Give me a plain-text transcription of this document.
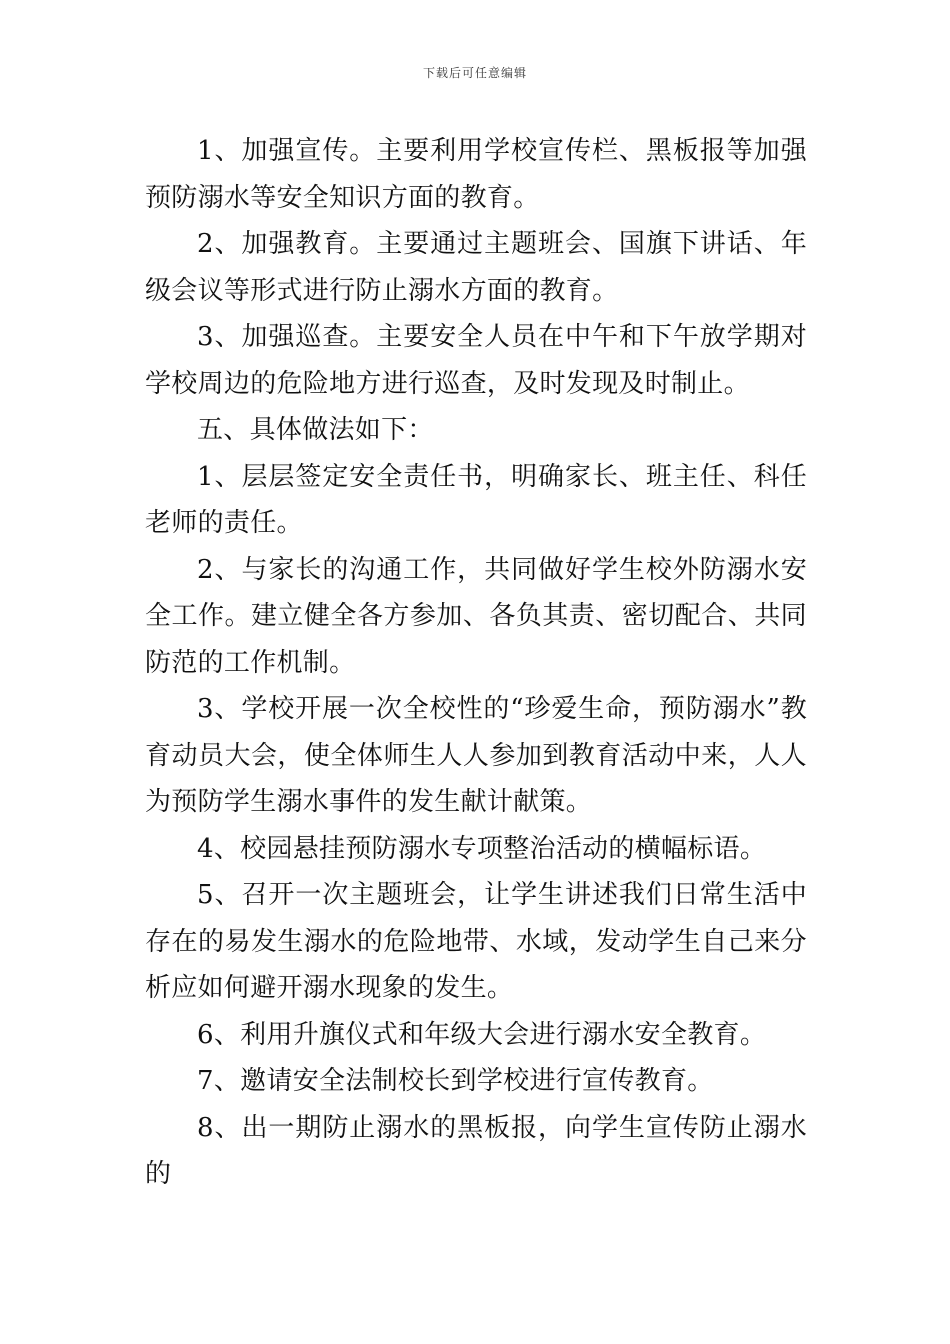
下载后可任意编辑

1、加强宣传。主要利用学校宣传栏、黑板报等加强预防溺水等安全知识方面的教育。

2、加强教育。主要通过主题班会、国旗下讲话、年级会议等形式进行防止溺水方面的教育。

3、加强巡查。主要安全人员在中午和下午放学期对学校周边的危险地方进行巡查，及时发现及时制止。

五、具体做法如下：

1、层层签定安全责任书，明确家长、班主任、科任老师的责任。

2、与家长的沟通工作，共同做好学生校外防溺水安全工作。建立健全各方参加、各负其责、密切配合、共同防范的工作机制。

3、学校开展一次全校性的“珍爱生命，预防溺水”教育动员大会，使全体师生人人参加到教育活动中来，人人为预防学生溺水事件的发生献计献策。

4、校园悬挂预防溺水专项整治活动的横幅标语。

5、召开一次主题班会，让学生讲述我们日常生活中存在的易发生溺水的危险地带、水域，发动学生自己来分析应如何避开溺水现象的发生。

6、利用升旗仪式和年级大会进行溺水安全教育。

7、邀请安全法制校长到学校进行宣传教育。

8、出一期防止溺水的黑板报，向学生宣传防止溺水的
